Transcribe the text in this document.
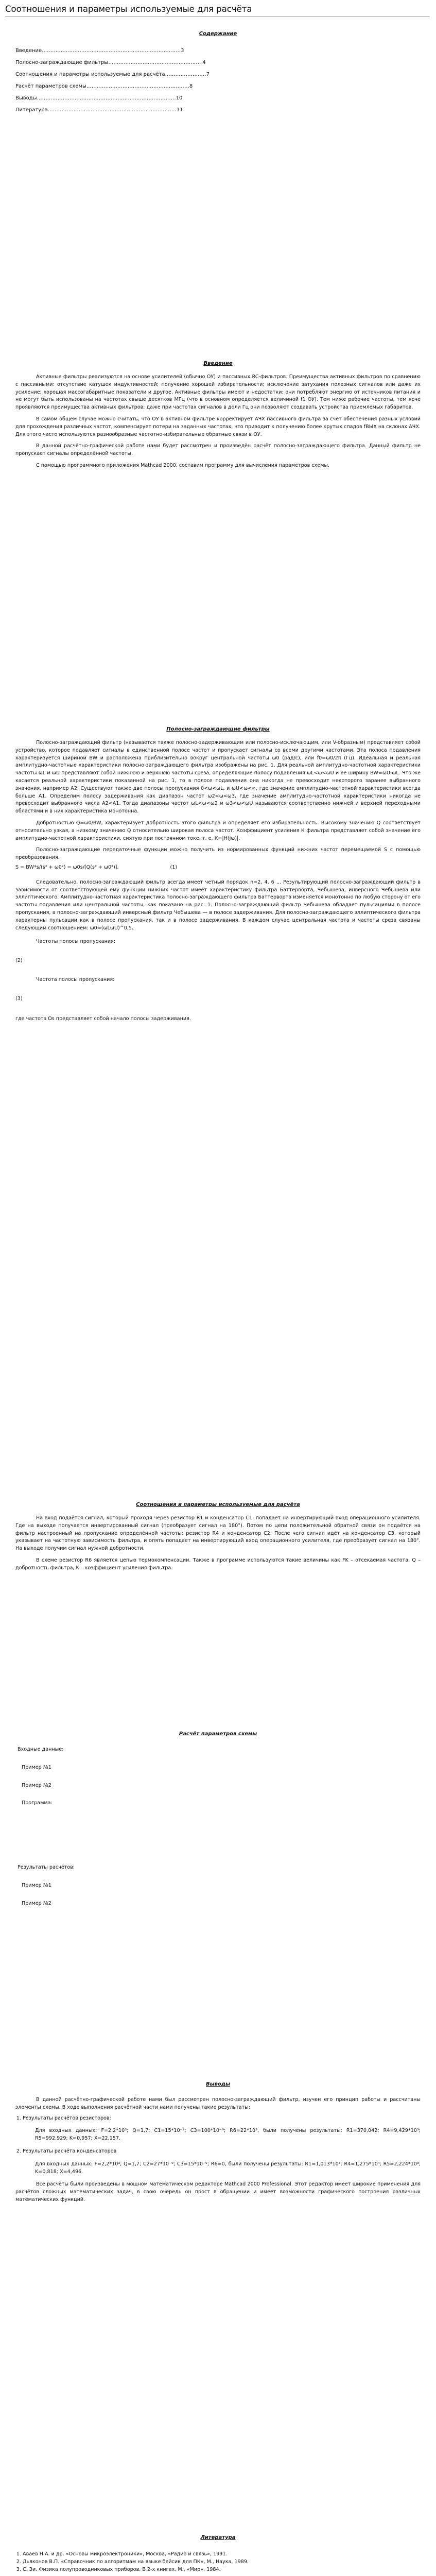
Соотношения и параметры используемые для расчёта
Содержание
Введение………………………………………………………………………3
Полосно-заграждающие фильтры……………………………………………… 4
Соотношения и параметры используемые для расчёта……………………7
Расчёт параметров схемы……………………………………………………8
Выводы………………………………………………………………………10
Литература…………………………………………………………………11
Введение

Активные фильтры реализуются на основе усилителей (обычно ОУ) и пассивных RC-фильтров. Преимущества активных фильтров по сравнению с пассивными: отсутствие катушек индуктивностей; получение хорошей избирательности; исключение затухания полезных сигналов или даже их усиление; хорошая массогабаритные показатели и другое. Активные фильтры имеют и недостатки: они потребляют энергию от источников питания и не могут быть использованы на частотах свыше десятков МГц (что в основном определяется величиной f1 ОУ). Тем ниже рабочие частоты, тем ярче проявляются преимущества активных фильтров; даже при частотах сигналов в доли Гц они позволяют создавать устройства приемлемых габаритов.

В самом общем случае можно считать, что ОУ в активном фильтре корректирует АЧХ пассивного фильтра за счет обеспечения разных условий для прохождения различных частот, компенсирует потери на заданных частотах, что приводит к получению более крутых спадов fВЫХ на склонах АЧХ. Для этого часто используются разнообразные частотно-избирательные обратные связи в ОУ.

В данной расчётно-графической работе нами будет рассмотрен и произведён расчёт полосно-заграждающего фильтра. Данный фильтр не пропускает сигналы определённой частоты.

С помощью программного приложения Mathcad 2000, составим программу для вычисления параметров схемы.

Полосно-заграждающие фильтры

Полосно-заграждающий фильтр (называется также полосно-задерживающим или полосно-исключающим, или V-образным) представляет собой устройство, которое подавляет сигналы в единственной полосе частот и пропускает сигналы со всеми другими частотами. Эта полоса подавления характеризуется шириной BW и расположена приблизительно вокруг центральной частоты ω0 (рад/с), или f0=ω0/2π (Гц). Идеальная и реальная амплитудно-частотные характеристики полосно-заграждающего фильтра изображены на рис. 1. Для реальной амплитудно-частотной характеристики частоты ωL и ωU представляют собой нижнюю и верхнюю частоты среза, определяющие полосу подавления ωL<ω<ωU и ее ширину BW=ωU-ωL. Что же касается реальной характеристики показанной на рис. 1, то в полосе подавления она никогда не превосходит некоторого заранее выбранного значения, например A2. Существуют также две полосы пропускания 0<ω<ωL, и ωU<ω<∞, где значение амплитудно-частотной характеристики всегда больше A1. Определим полосу задерживания как диапазон частот ω2<ω<ω3, где значение амплитудно-частотной характеристики никогда не превосходит выбранного числа A2<A1. Тогда диапазоны частот ωL<ω<ω2 и ω3<ω<ωU называются соответственно нижней и верхней переходными областями и в них характеристика монотонна.

Добротностью Q=ω0/BW, характеризует добротность этого фильтра и определяет его избирательность. Высокому значению Q соответствует относительно узкая, а низкому значению Q относительно широкая полоса частот. Коэффициент усиления К фильтра представляет собой значение его амплитудно-частотной характеристики, снятую при постоянном токе, т. е. К=|H(jω)|.

Полосно-заграждающие передаточные функции можно получить из нормированных функций нижних частот перемещаемой S с помощью преобразования.

S = BW*s/(s² + ω0²) = ω0s/[Q(s² + ω0²)].	(1)

Следовательно, полосно-заграждающий фильтр всегда имеет четный порядок n=2, 4, 6 ... Результирующий полосно-заграждающий фильтр в зависимости от соответствующей ему функции нижних частот имеет характеристику фильтра Баттерворта, Чебышева, инверсного Чебышева или эллиптического. Амплитудно-частотная характеристика полосно-заграждающего фильтра Баттерворта изменяется монотонно по любую сторону от его частоты подавления или центральной частоты, как показано на рис. 1. Полосно-заграждающий фильтр Чебышева обладает пульсациями в полосе пропускания, а полосно-заграждающий инверсный фильтр Чебышева — в полосе задерживания. Для полосно-заграждающего эллиптического фильтра характерны пульсации как в полосе пропускания, так и в полосе задерживания. В каждом случае центральная частота и частоты среза связаны следующим соотношением: ω0=(ωLωU)^0,5.

Частоты полосы пропускания:

(2)

Частота полосы пропускания:

(3)

где частота Ωs представляет собой начало полосы задерживания.

Соотношения и параметры используемые для расчёта

На вход подаётся сигнал, который проходя через резистор R1 и конденсатор C1, попадает на инвертирующий вход операционного усилителя. Где на выходе получается инвертированный сигнал (преобразует сигнал на 180°). Потом по цепи положительной обратной связи он подаётся на фильтр настроенный на пропускание определённой частоты: резистор R4 и конденсатор C2. После чего сигнал идёт на конденсатор C3, который указывает на частотную зависимость фильтра, и опять попадает на инвертирующий вход операционного усилителя, где преобразует сигнал на 180°. На выходе получим сигнал нужной добротности.

В схеме резистор R6 является цепью термокомпенсации. Также в программе используются такие величины как FK – отсекаемая частота, Q – добротность фильтра, K – коэффициент усиления фильтра.

Расчёт параметров схемы

Входные данные:

Пример №1

Пример №2

Программа:

Результаты расчётов:

Пример №1

Пример №2

Выводы

В данной расчётно-графической работе нами был рассмотрен полосно-заграждающий фильтр, изучен его принцип работы и рассчитаны элементы схемы. В ходе выполнения расчётной части нами получены такие результаты:

1. Результаты расчётов резисторов:

Для входных данных: F=2,2*10³; Q=1,7; C1=15*10⁻⁹; C3=100*10⁻⁹; R6=22*10³, были получены результаты: R1=370,042; R4=9,429*10³; R5=992,929; K=0,957; X=22,157.

2. Результаты расчёта конденсаторов

Для входных данных: F=2,2*10³; Q=1,7; C2=27*10⁻⁹; C3=15*10⁻⁹; R6=0, были получены результаты: R1=1,013*10³; R4=1,275*10⁴; R5=2,224*10³; K=0,818; X=4,496.

Все расчёты были произведены в мощном математическом редакторе Mathcad 2000 Professional. Этот редактор имеет широкие применения для расчётов сложных математических задач, в свою очередь он прост в обращении и имеет возможности графического построения различных математических функций.

Литература
1. Аваев Н.А. и др. «Основы микроэлектроники», Москва, «Радио и связь», 1991.
2. Дьяконов В.П. «Справочник по алгоритмам на языке бейсик для ПК», М., Наука, 1989.
3. С. Зи. Физика полупроводниковых приборов. В 2-х книгах. М., «Мир», 1984.
